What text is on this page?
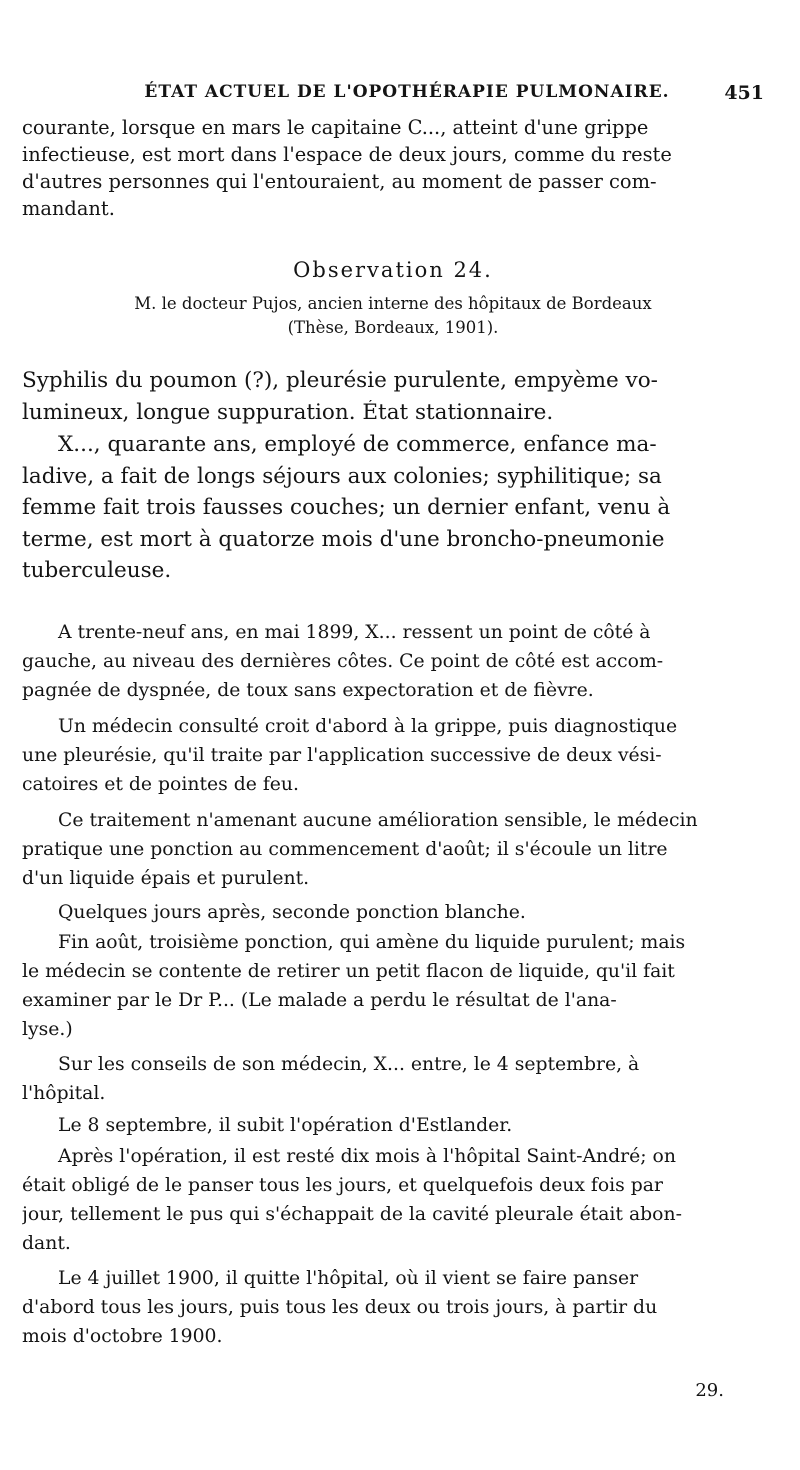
ÉTAT ACTUEL DE L'OPOTHÉRAPIE PULMONAIRE.	451

courante, lorsque en mars le capitaine C..., atteint d'une grippe
infectieuse, est mort dans l'espace de deux jours, comme du reste
d'autres personnes qui l'entouraient, au moment de passer com-
mandant.

Observation 24.
M. le docteur Pujos, ancien interne des hôpitaux de Bordeaux
(Thèse, Bordeaux, 1901).

Syphilis du poumon (?), pleurésie purulente, empyème vo-
lumineux, longue suppuration. État stationnaire.

X..., quarante ans, employé de commerce, enfance ma-
ladive, a fait de longs séjours aux colonies; syphilitique; sa
femme fait trois fausses couches; un dernier enfant, venu à
terme, est mort à quatorze mois d'une broncho-pneumonie
tuberculeuse.

A trente-neuf ans, en mai 1899, X... ressent un point de côté à
gauche, au niveau des dernières côtes. Ce point de côté est accom-
pagnée de dyspnée, de toux sans expectoration et de fièvre.

Un médecin consulté croit d'abord à la grippe, puis diagnostique
une pleurésie, qu'il traite par l'application successive de deux vési-
catoires et de pointes de feu.

Ce traitement n'amenant aucune amélioration sensible, le médecin
pratique une ponction au commencement d'août; il s'écoule un litre
d'un liquide épais et purulent.

Quelques jours après, seconde ponction blanche.

Fin août, troisième ponction, qui amène du liquide purulent; mais
le médecin se contente de retirer un petit flacon de liquide, qu'il fait
examiner par le Dr P... (Le malade a perdu le résultat de l'ana-
lyse.)

Sur les conseils de son médecin, X... entre, le 4 septembre, à
l'hôpital.

Le 8 septembre, il subit l'opération d'Estlander.

Après l'opération, il est resté dix mois à l'hôpital Saint-André; on
était obligé de le panser tous les jours, et quelquefois deux fois par
jour, tellement le pus qui s'échappait de la cavité pleurale était abon-
dant.

Le 4 juillet 1900, il quitte l'hôpital, où il vient se faire panser
d'abord tous les jours, puis tous les deux ou trois jours, à partir du
mois d'octobre 1900.

29.
